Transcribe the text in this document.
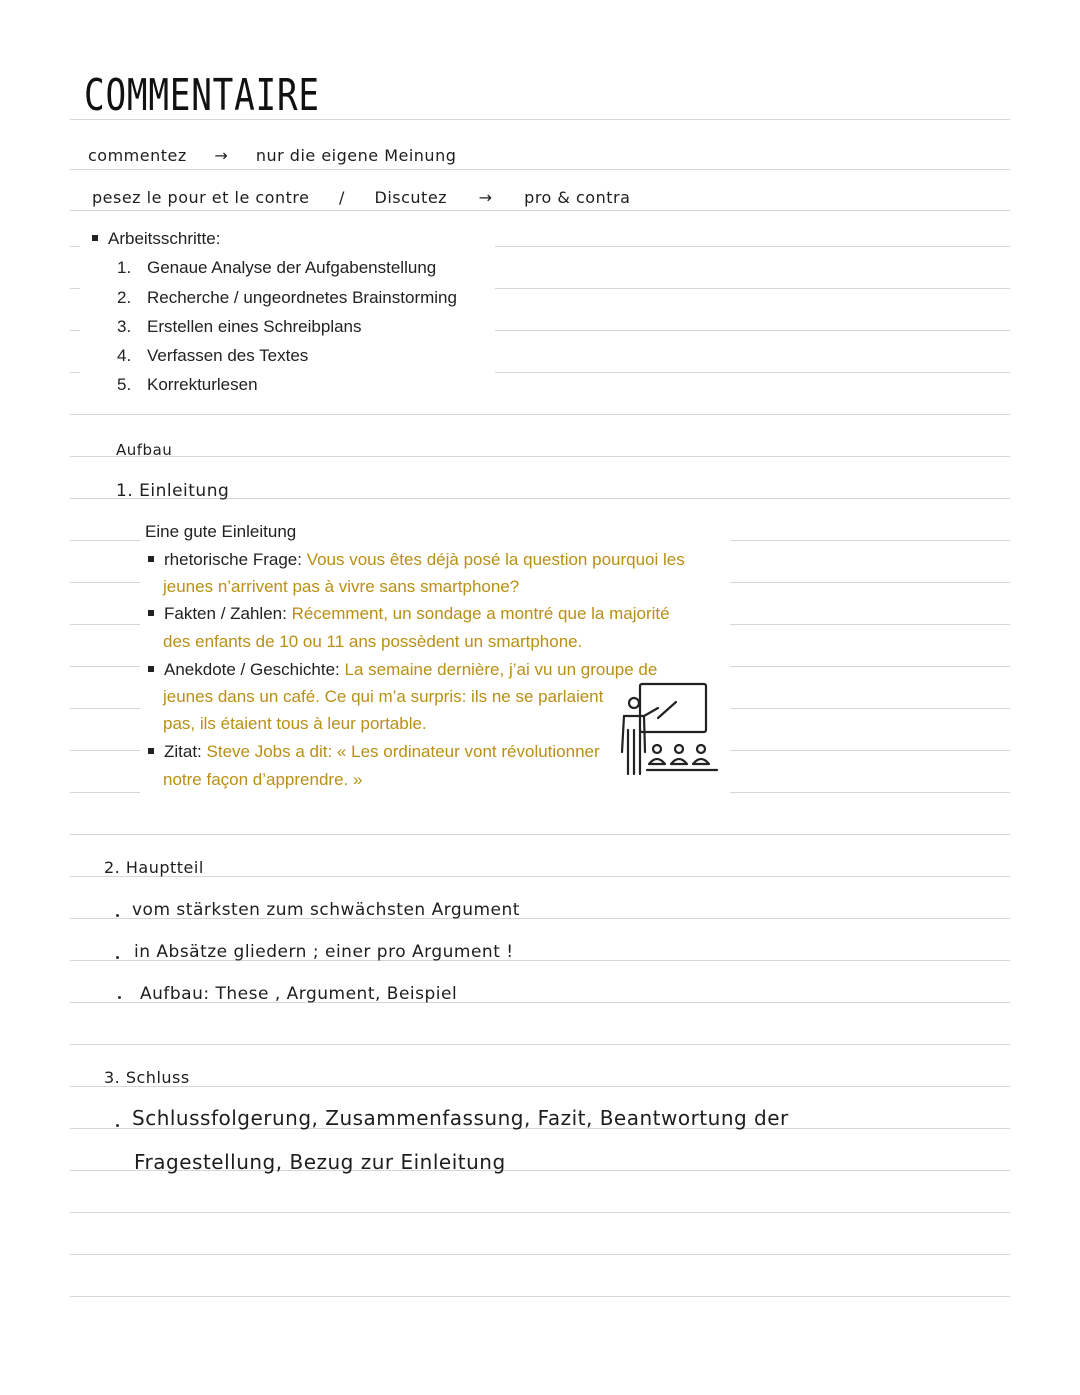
COMMENTAIRE
commentez → nur die eigene Meinung
pesez le pour et le contre / Discutez → pro & contra
Arbeitsschritte:
1. Genaue Analyse der Aufgabenstellung
2. Recherche / ungeordnetes Brainstorming
3. Erstellen eines Schreibplans
4. Verfassen des Textes
5. Korrekturlesen
Aufbau
1. Einleitung
Eine gute Einleitung
rhetorische Frage: Vous vous êtes déjà posé la question pourquoi les
jeunes n’arrivent pas à vivre sans smartphone?
Fakten / Zahlen: Récemment, un sondage a montré que la majorité
des enfants de 10 ou 11 ans possèdent un smartphone.
Anekdote / Geschichte: La semaine dernière, j’ai vu un groupe de
jeunes dans un café. Ce qui m’a surpris: ils ne se parlaient
pas, ils étaient tous à leur portable.
Zitat: Steve Jobs a dit: « Les ordinateur vont révolutionner
notre façon d’apprendre. »
2. Hauptteil
vom stärksten zum schwächsten Argument
in Absätze gliedern ; einer pro Argument !
Aufbau: These , Argument, Beispiel
3. Schluss
Schlussfolgerung, Zusammenfassung, Fazit, Beantwortung der
Fragestellung, Bezug zur Einleitung
